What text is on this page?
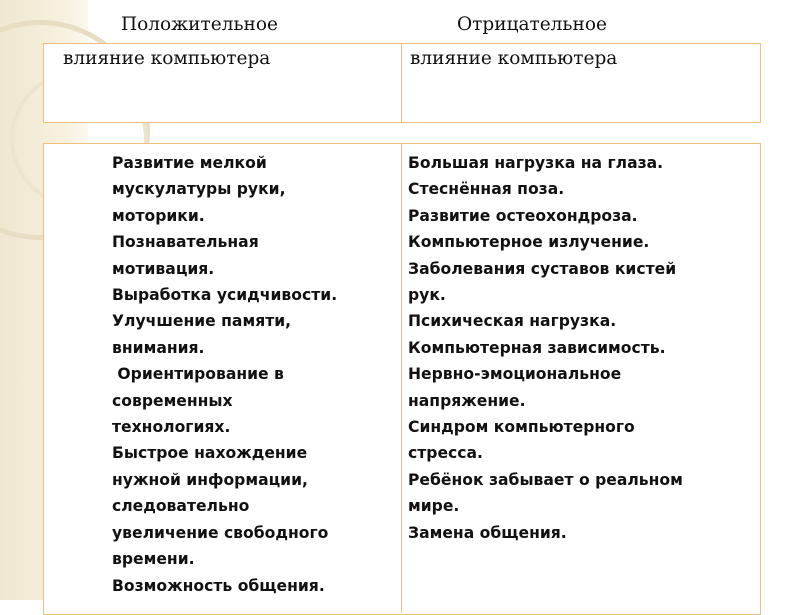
Положительное
влияние компьютера
Отрицательное
влияние компьютера
Развитие мелкой
мускулатуры руки,
моторики.
Познавательная
мотивация.
Выработка усидчивости.
Улучшение памяти,
внимания.
Ориентирование в
современных
технологиях.
Быстрое нахождение
нужной информации,
следовательно
увеличение свободного
времени.
Возможность общения.
Большая нагрузка на глаза.
Стеснённая поза.
Развитие остеохондроза.
Компьютерное излучение.
Заболевания суставов кистей
рук.
Психическая нагрузка.
Компьютерная зависимость.
Нервно-эмоциональное
напряжение.
Синдром компьютерного
стресса.
Ребёнок забывает о реальном
мире.
Замена общения.
